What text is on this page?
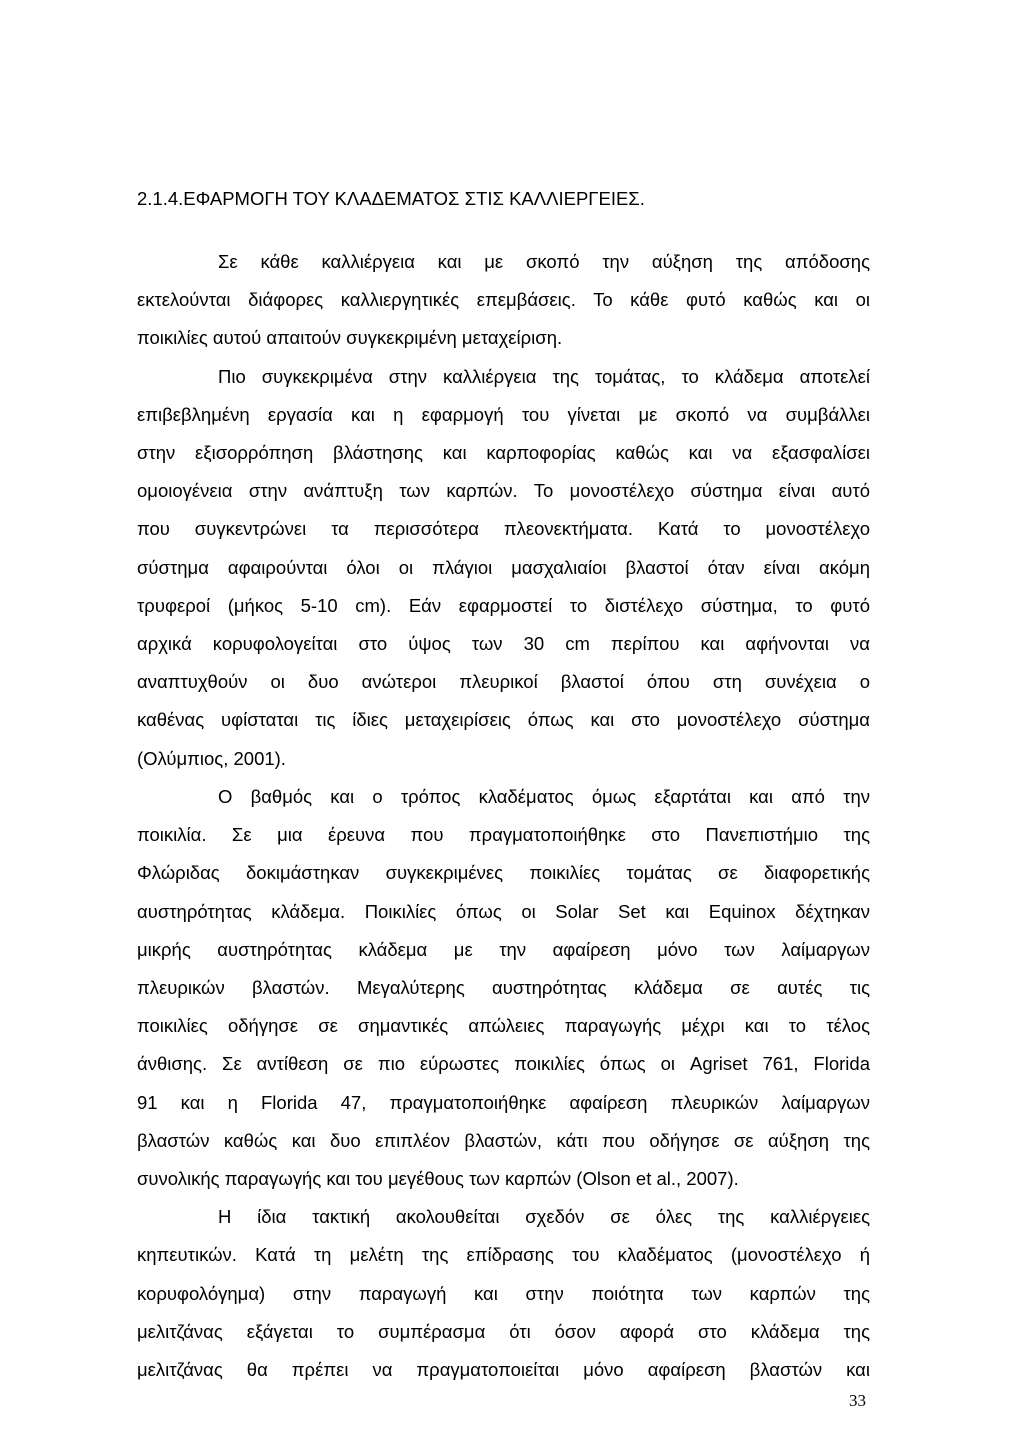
2.1.4.ΕΦΑΡΜΟΓΗ ΤΟΥ ΚΛΑΔΕΜΑΤΟΣ ΣΤΙΣ ΚΑΛΛΙΕΡΓΕΙΕΣ.
Σε κάθε καλλιέργεια και με σκοπό την αύξηση της απόδοσης
εκτελούνται διάφορες καλλιεργητικές επεμβάσεις. Το κάθε φυτό καθώς και οι
ποικιλίες αυτού απαιτούν συγκεκριμένη μεταχείριση.
Πιο συγκεκριμένα στην καλλιέργεια της τομάτας, το κλάδεμα αποτελεί
επιβεβλημένη εργασία και η εφαρμογή του γίνεται με σκοπό να συμβάλλει
στην εξισορρόπηση βλάστησης και καρποφορίας καθώς και να εξασφαλίσει
ομοιογένεια στην ανάπτυξη των καρπών. Το μονοστέλεχο σύστημα είναι αυτό
που συγκεντρώνει τα περισσότερα πλεονεκτήματα. Κατά το μονοστέλεχο
σύστημα αφαιρούνται όλοι οι πλάγιοι μασχαλιαίοι βλαστοί όταν είναι ακόμη
τρυφεροί (μήκος 5-10 cm). Εάν εφαρμοστεί το διστέλεχο σύστημα, το φυτό
αρχικά κορυφολογείται στο ύψος των 30 cm περίπου και αφήνονται να
αναπτυχθούν οι δυο ανώτεροι πλευρικοί βλαστοί όπου στη συνέχεια ο
καθένας υφίσταται τις ίδιες μεταχειρίσεις όπως και στο μονοστέλεχο σύστημα
(Ολύμπιος, 2001).
Ο βαθμός και ο τρόπος κλαδέματος όμως εξαρτάται και από την
ποικιλία. Σε μια έρευνα που πραγματοποιήθηκε στο Πανεπιστήμιο της
Φλώριδας δοκιμάστηκαν συγκεκριμένες ποικιλίες τομάτας σε διαφορετικής
αυστηρότητας κλάδεμα. Ποικιλίες όπως οι Solar Set και Equinox δέχτηκαν
μικρής αυστηρότητας κλάδεμα με την αφαίρεση μόνο των λαίμαργων
πλευρικών βλαστών. Μεγαλύτερης αυστηρότητας κλάδεμα σε αυτές τις
ποικιλίες οδήγησε σε σημαντικές απώλειες παραγωγής μέχρι και το τέλος
άνθισης. Σε αντίθεση σε πιο εύρωστες ποικιλίες όπως οι Agriset 761, Florida
91 και η Florida 47, πραγματοποιήθηκε αφαίρεση πλευρικών λαίμαργων
βλαστών καθώς και δυο επιπλέον βλαστών, κάτι που οδήγησε σε αύξηση της
συνολικής παραγωγής και του μεγέθους των καρπών (Olson et al., 2007).
Η ίδια τακτική ακολουθείται σχεδόν σε όλες της καλλιέργειες
κηπευτικών. Κατά τη μελέτη της επίδρασης του κλαδέματος (μονοστέλεχο ή
κορυφολόγημα) στην παραγωγή και στην ποιότητα των καρπών της
μελιτζάνας εξάγεται το συμπέρασμα ότι όσον αφορά στο κλάδεμα της
μελιτζάνας θα πρέπει να πραγματοποιείται μόνο αφαίρεση βλαστών και
33
